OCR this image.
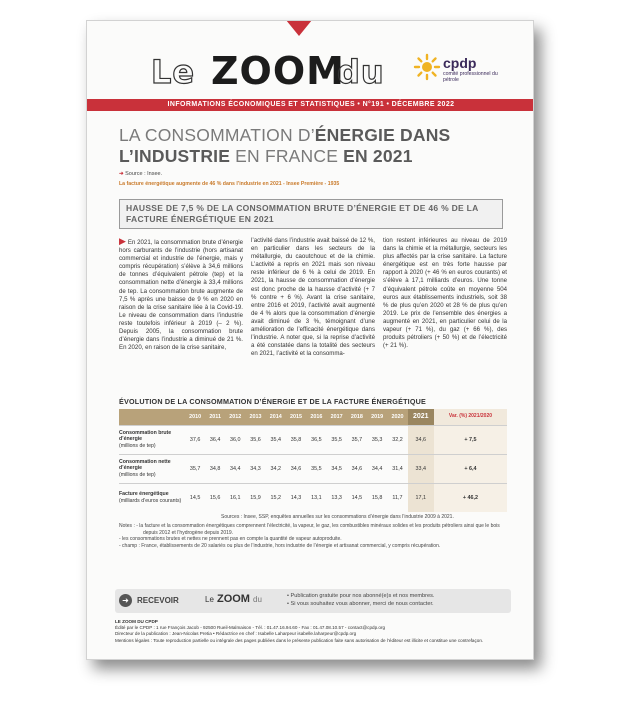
Le ZOOM
du	cpdp
comité professionnel du pétrole
INFORMATIONS ÉCONOMIQUES ET STATISTIQUES • N°191 • DÉCEMBRE 2022
LA CONSOMMATION D’ÉNERGIE DANS
L’INDUSTRIE EN FRANCE EN 2021
➜ Source : Insee.
La facture énergétique augmente de 46 % dans l’industrie en 2021 - Insee Première - 1935
HAUSSE DE 7,5 % DE LA CONSOMMATION BRUTE D’ÉNERGIE ET DE 46 % DE LA FACTURE ÉNERGÉTIQUE EN 2021

▶ En 2021, la consommation brute d’énergie hors carburants de l’industrie (hors artisanat commercial et industrie de l’énergie, mais y compris récupération) s’élève à 34,6 millions de tonnes d’équivalent pétrole (tep) et la consommation nette d’énergie à 33,4 millions de tep. La consommation brute augmente de 7,5 % après une baisse de 9 % en 2020 en raison de la crise sanitaire liée à la Covid-19. Le niveau de consommation dans l’industrie reste toutefois inférieur à 2019 (– 2 %). Depuis 2005, la consommation brute d’énergie dans l’industrie a diminué de 21 %. En 2020, en raison de la crise sanitaire,

l’activité dans l’industrie avait baissé de 12 %, en particulier dans les secteurs de la métallurgie, du caoutchouc et de la chimie. L’activité a repris en 2021 mais son niveau reste inférieur de 6 % à celui de 2019. En 2021, la hausse de consommation d’énergie est donc proche de la hausse d’activité (+ 7 % contre + 6 %). Avant la crise sanitaire, entre 2016 et 2019, l’activité avait augmenté de 4 % alors que la consommation d’énergie avait diminué de 3 %, témoignant d’une amélioration de l’efficacité énergétique dans l’industrie. A noter que, si la reprise d’activité a été constatée dans la totalité des secteurs en 2021, l’activité et la consomma-

tion restent inférieures au niveau de 2019 dans la chimie et la métallurgie, secteurs les plus affectés par la crise sanitaire. La facture énergétique est en très forte hausse par rapport à 2020 (+ 46 % en euros courants) et s’élève à 17,1 milliards d’euros. Une tonne d’équivalent pétrole coûte en moyenne 504 euros aux établissements industriels, soit 38 % de plus qu’en 2020 et 28 % de plus qu’en 2019. Le prix de l’ensemble des énergies a augmenté en 2021, en particulier celui de la vapeur (+ 71 %), du gaz (+ 66 %), des produits pétroliers (+ 50 %) et de l’électricité (+ 21 %).

ÉVOLUTION DE LA CONSOMMATION D’ÉNERGIE ET DE LA FACTURE ÉNERGÉTIQUE
	2010	2011	2012	2013	2014	2015	2016	2017	2018	2019	2020	2021	Var. (%) 2021/2020
Consommation brute d’énergie
(millions de tep)	37,6	36,4	36,0	35,6	35,4	35,8	36,5	35,5	35,7	35,3	32,2	34,6	+ 7,5
Consommation nette d’énergie
(millions de tep)	35,7	34,8	34,4	34,3	34,2	34,6	35,5	34,5	34,6	34,4	31,4	33,4	+ 6,4
Facture énergétique
(milliards d’euros courants)	14,5	15,6	16,1	15,9	15,2	14,3	13,1	13,3	14,5	15,8	11,7	17,1	+ 46,2
Sources : Insee, SSP, enquêtes annuelles sur les consommations d’énergie dans l’industrie 2009 à 2021.
Notes : - la facture et la consommation énergétiques comprennent l’électricité, la vapeur, le gaz, les combustibles minéraux solides et les produits pétroliers ainsi que le bois depuis 2012 et l’hydrogène depuis 2019.
- les consommations brutes et nettes ne prennent pas en compte la quantité de vapeur autoproduite.
- champ : France, établissements de 20 salariés ou plus de l’industrie, hors industrie de l’énergie et artisanat commercial, y compris récupération.
➜	RECEVOIR	Le ZOOM du	• Publication gratuite pour nos abonné(e)s et nos membres.
• Si vous souhaitez vous abonner, merci de nous contacter.
LE ZOOM DU CPDP
Édité par le CPDP : 1 rue François Jacob - 92500 Rueil-Malmaison - Tél. : 01.47.16.94.60 - Fax : 01.47.08.10.57 - contact@cpdp.org
Directeur de la publication : Jean-Nicolas Pretia • Rédactrice en chef : Isabelle Laharpeur isabelle.laharpeur@cpdp.org
Mentions légales : Toute reproduction partielle ou intégrale des pages publiées dans le présente publication faite sans autorisation de l’éditeur est illicite et constitue une contrefaçon.
